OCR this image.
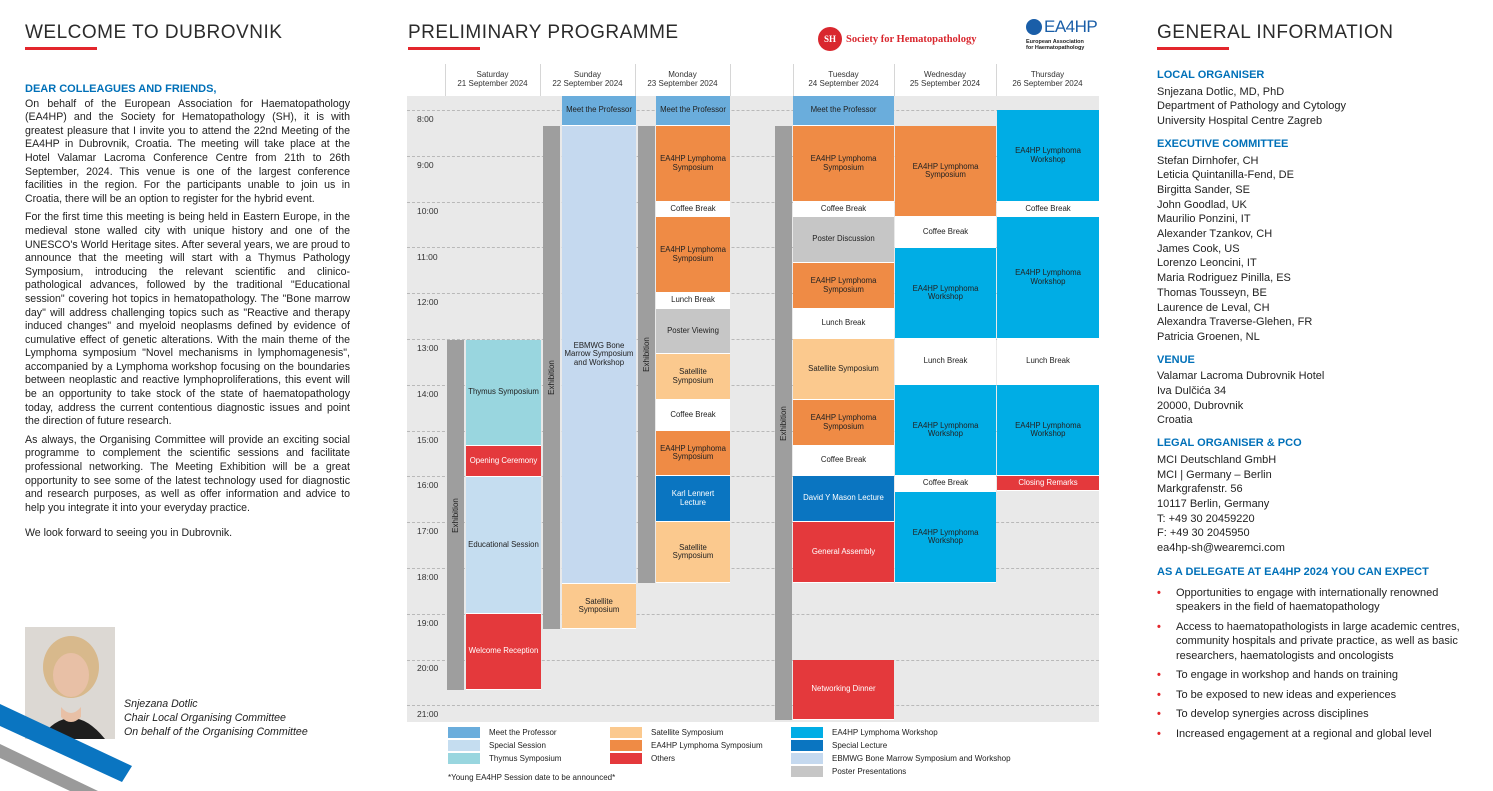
WELCOME TO DUBROVNIK
DEAR COLLEAGUES AND FRIENDS,

On behalf of the European Association for Haematopathology (EA4HP) and the Society for Hematopathology (SH), it is with greatest pleasure that I invite you to attend the 22nd Meeting of the EA4HP in Dubrovnik, Croatia. The meeting will take place at the Hotel Valamar Lacroma Conference Centre from 21th to 26th September, 2024. This venue is one of the largest conference facilities in the region. For the participants unable to join us in Croatia, there will be an option to register for the hybrid event.

For the first time this meeting is being held in Eastern Europe, in the medieval stone walled city with unique history and one of the UNESCO's World Heritage sites. After several years, we are proud to announce that the meeting will start with a Thymus Pathology Symposium, introducing the relevant scientific and clinico-pathological advances, followed by the traditional "Educational session" covering hot topics in hematopathology. The "Bone marrow day" will address challenging topics such as "Reactive and therapy induced changes" and myeloid neoplasms defined by evidence of cumulative effect of genetic alterations. With the main theme of the Lymphoma symposium "Novel mechanisms in lymphomagenesis", accompanied by a Lymphoma workshop focusing on the boundaries between neoplastic and reactive lymphoproliferations, this event will be an opportunity to take stock of the state of haematopathology today, address the current contentious diagnostic issues and point the direction of future research.

As always, the Organising Committee will provide an exciting social programme to complement the scientific sessions and facilitate professional networking. The Meeting Exhibition will be a great opportunity to see some of the latest technology used for diagnostic and research purposes, as well as offer information and advice to help you integrate it into your everyday practice.

We look forward to seeing you in Dubrovnik.

Snjezana Dotlic
Chair Local Organising Committee
On behalf of the Organising Committee
PRELIMINARY PROGRAMME	SH Society for Hematopathology
EA4HP
European Association for Haematopathology
8:00
9:00
10:00
11:00
12:00
13:00
14:00
15:00
16:00
17:00
18:00
19:00
20:00
21:00
Saturday
21 September 2024
Sunday
22 September 2024
Monday
23 September 2024
Tuesday
24 September 2024
Wednesday
25 September 2024
Thursday
26 September 2024
Exhibition
Exhibition
Exhibition
Exhibition
Thymus Symposium
Opening Ceremony
Educational Session
Welcome Reception
Meet the Professor
EBMWG Bone Marrow Symposium and Workshop
Satellite Symposium
Meet the Professor
EA4HP Lymphoma Symposium
Coffee Break
EA4HP Lymphoma Symposium
Lunch Break
Poster Viewing
Satellite Symposium
Coffee Break
EA4HP Lymphoma Symposium
Karl Lennert Lecture
Satellite Symposium
Meet the Professor
EA4HP Lymphoma Symposium
Coffee Break
Poster Discussion
EA4HP Lymphoma Symposium
Lunch Break
Satellite Symposium
EA4HP Lymphoma Symposium
Coffee Break
David Y Mason Lecture
General Assembly
Networking Dinner
EA4HP Lymphoma Symposium
Coffee Break
EA4HP Lymphoma Workshop
Lunch Break
EA4HP Lymphoma Workshop
Coffee Break
EA4HP Lymphoma Workshop
EA4HP Lymphoma Workshop
Coffee Break
EA4HP Lymphoma Workshop
Lunch Break
EA4HP Lymphoma Workshop
Closing Remarks
Meet the Professor
Special Session
Thymus Symposium
Satellite Symposium
EA4HP Lymphoma Symposium
Others
EA4HP Lymphoma Workshop
Special Lecture
EBMWG Bone Marrow Symposium and Workshop
Poster Presentations
*Young EA4HP Session date to be announced*
GENERAL INFORMATION
LOCAL ORGANISER
Snjezana Dotlic, MD, PhD
Department of Pathology and Cytology
University Hospital Centre Zagreb
EXECUTIVE COMMITTEE
Stefan Dirnhofer, CH
Leticia Quintanilla-Fend, DE
Birgitta Sander, SE
John Goodlad, UK
Maurilio Ponzini, IT
Alexander Tzankov, CH
James Cook, US
Lorenzo Leoncini, IT
Maria Rodriguez Pinilla, ES
Thomas Tousseyn, BE
Laurence de Leval, CH
Alexandra Traverse-Glehen, FR
Patricia Groenen, NL
VENUE
Valamar Lacroma Dubrovnik Hotel
Iva Dulčića 34
20000, Dubrovnik
Croatia
LEGAL ORGANISER & PCO
MCI Deutschland GmbH
MCI | Germany – Berlin
Markgrafenstr. 56
10117 Berlin, Germany
T: +49 30 20459220
F: +49 30 2045950
ea4hp-sh@wearemci.com
AS A DELEGATE AT EA4HP 2024 YOU CAN EXPECT
• Opportunities to engage with internationally renowned speakers in the field of haematopathology
• Access to haematopathologists in large academic centres, community hospitals and private practice, as well as basic researchers, haematologists and oncologists
• To engage in workshop and hands on training
• To be exposed to new ideas and experiences
• To develop synergies across disciplines
• Increased engagement at a regional and global level
